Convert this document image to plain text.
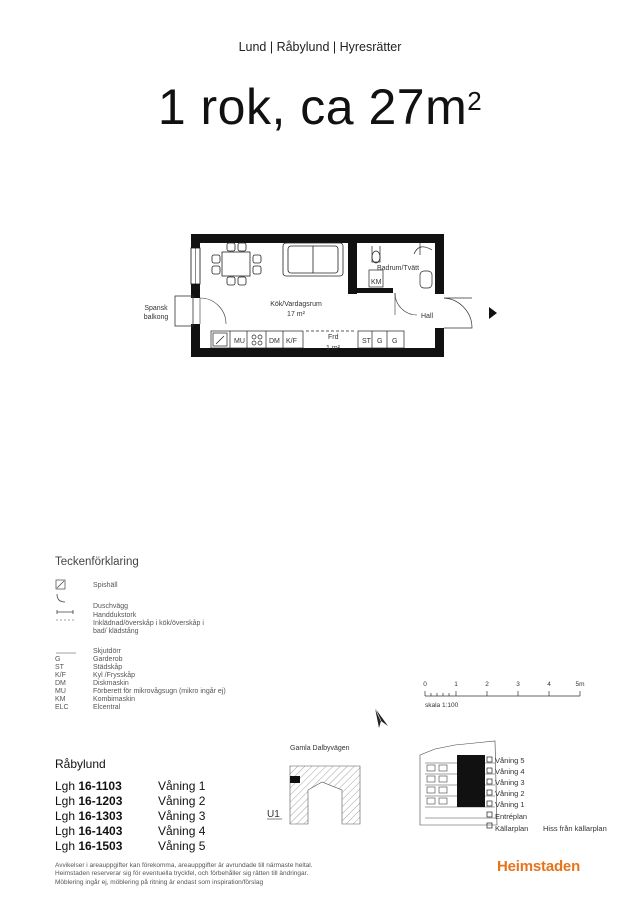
Lund | Råbylund | Hyresrätter
1 rok, ca $27m^2$
Kök/Vardagsrum
17 m²
Badrum/Tvätt
KM
Hall
Spansk
balkong
MU	DM K/F
Frd
1 m²
ST G G
Teckenförklaring
Spishäll
Duschvägg
Handdukstork
Inklädnad/överskåp i kök/överskåp i bad/ klädstång
Skjutdörr
G	Garderob
ST	Städskåp
K/F	Kyl /Frysskåp
DM	Diskmaskin
MU	Förberett för mikrovågsugn (mikro ingår ej)
KM	Kombimaskin
ELC	Elcentral
0	1	2	3	4	5m
skala 1:100
Gamla Dalbyvägen
U1
Våning 5
Våning 4
Våning 3
Våning 2
Våning 1
Entréplan
Källarplan Hiss från källarplan
Råbylund
Lgh 16-1103	Våning 1
Lgh 16-1203	Våning 2
Lgh 16-1303	Våning 3
Lgh 16-1403	Våning 4
Lgh 16-1503	Våning 5
Avvikelser i areauppgifter kan förekomma, areauppgifter är avrundade till närmaste heltal.
Heimstaden reserverar sig för eventuella tryckfel, och förbehåller sig rätten till ändringar.
Möblering ingår ej, möblering på ritning är endast som inspiration/förslag
Heimstaden
